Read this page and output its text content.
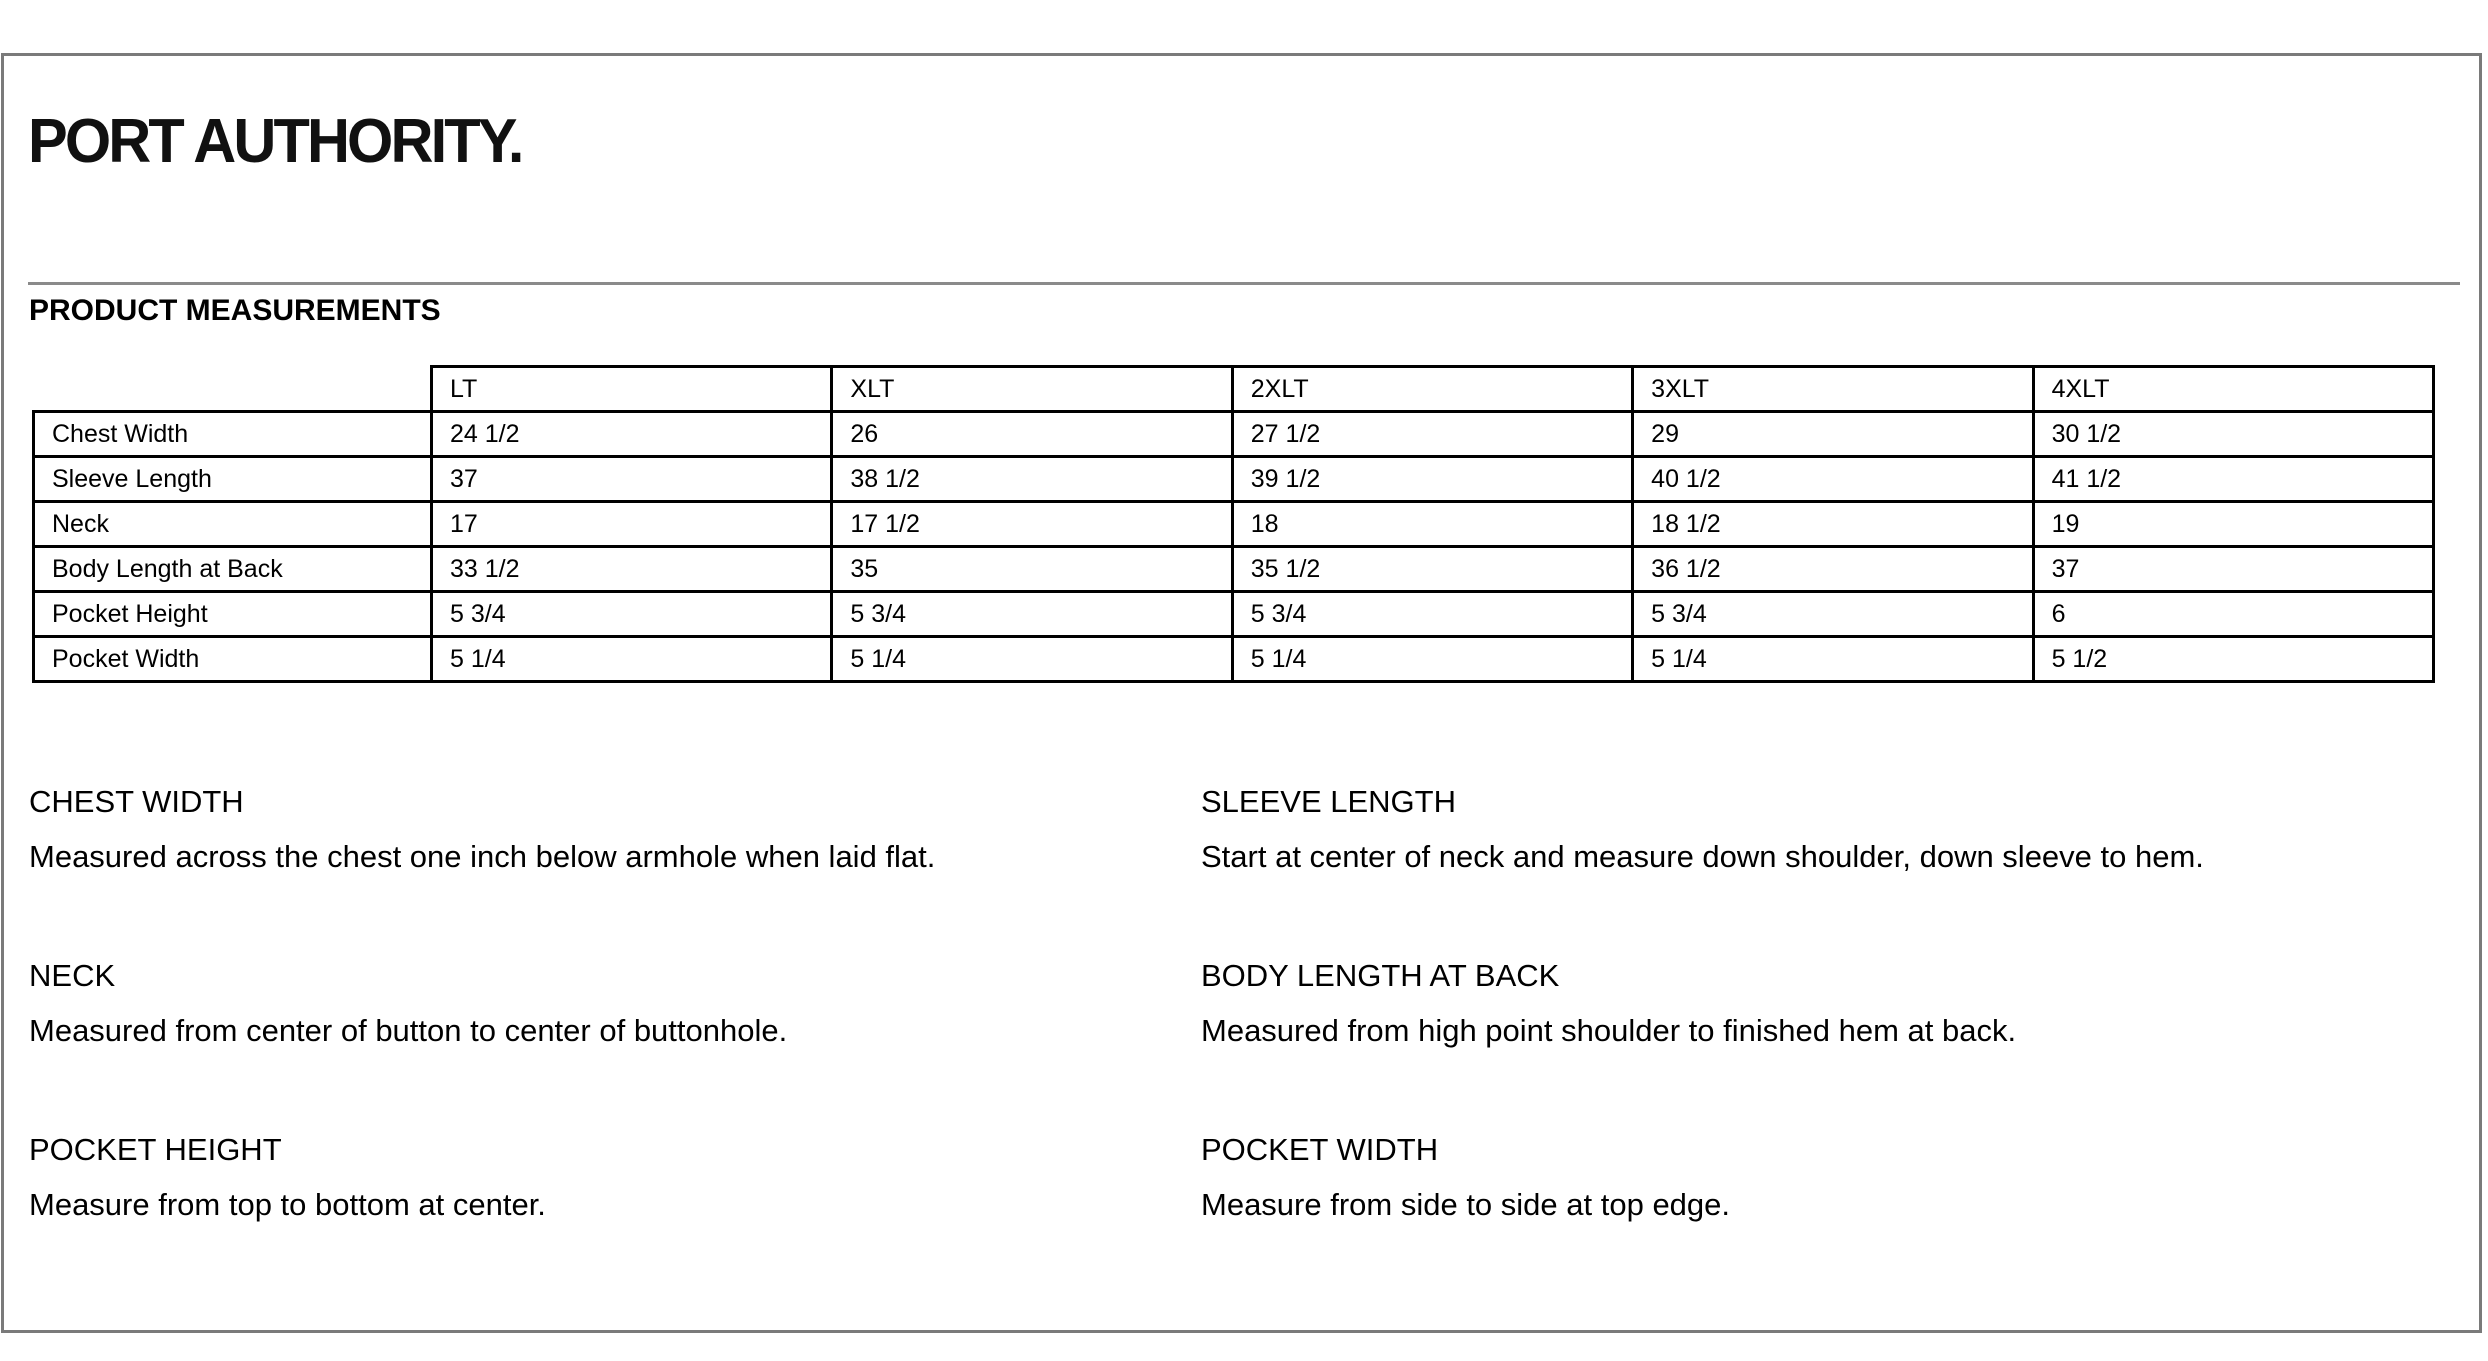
PORT AUTHORITY.
PRODUCT MEASUREMENTS
	LT	XLT	2XLT	3XLT	4XLT
Chest Width	24 1/2	26	27 1/2	29	30 1/2
Sleeve Length	37	38 1/2	39 1/2	40 1/2	41 1/2
Neck	17	17 1/2	18	18 1/2	19
Body Length at Back	33 1/2	35	35 1/2	36 1/2	37
Pocket Height	5 3/4	5 3/4	5 3/4	5 3/4	6
Pocket Width	5 1/4	5 1/4	5 1/4	5 1/4	5 1/2

CHEST WIDTH

Measured across the chest one inch below armhole when laid flat.

SLEEVE LENGTH

Start at center of neck and measure down shoulder, down sleeve to hem.

NECK

Measured from center of button to center of buttonhole.

BODY LENGTH AT BACK

Measured from high point shoulder to finished hem at back.

POCKET HEIGHT

Measure from top to bottom at center.

POCKET WIDTH

Measure from side to side at top edge.
